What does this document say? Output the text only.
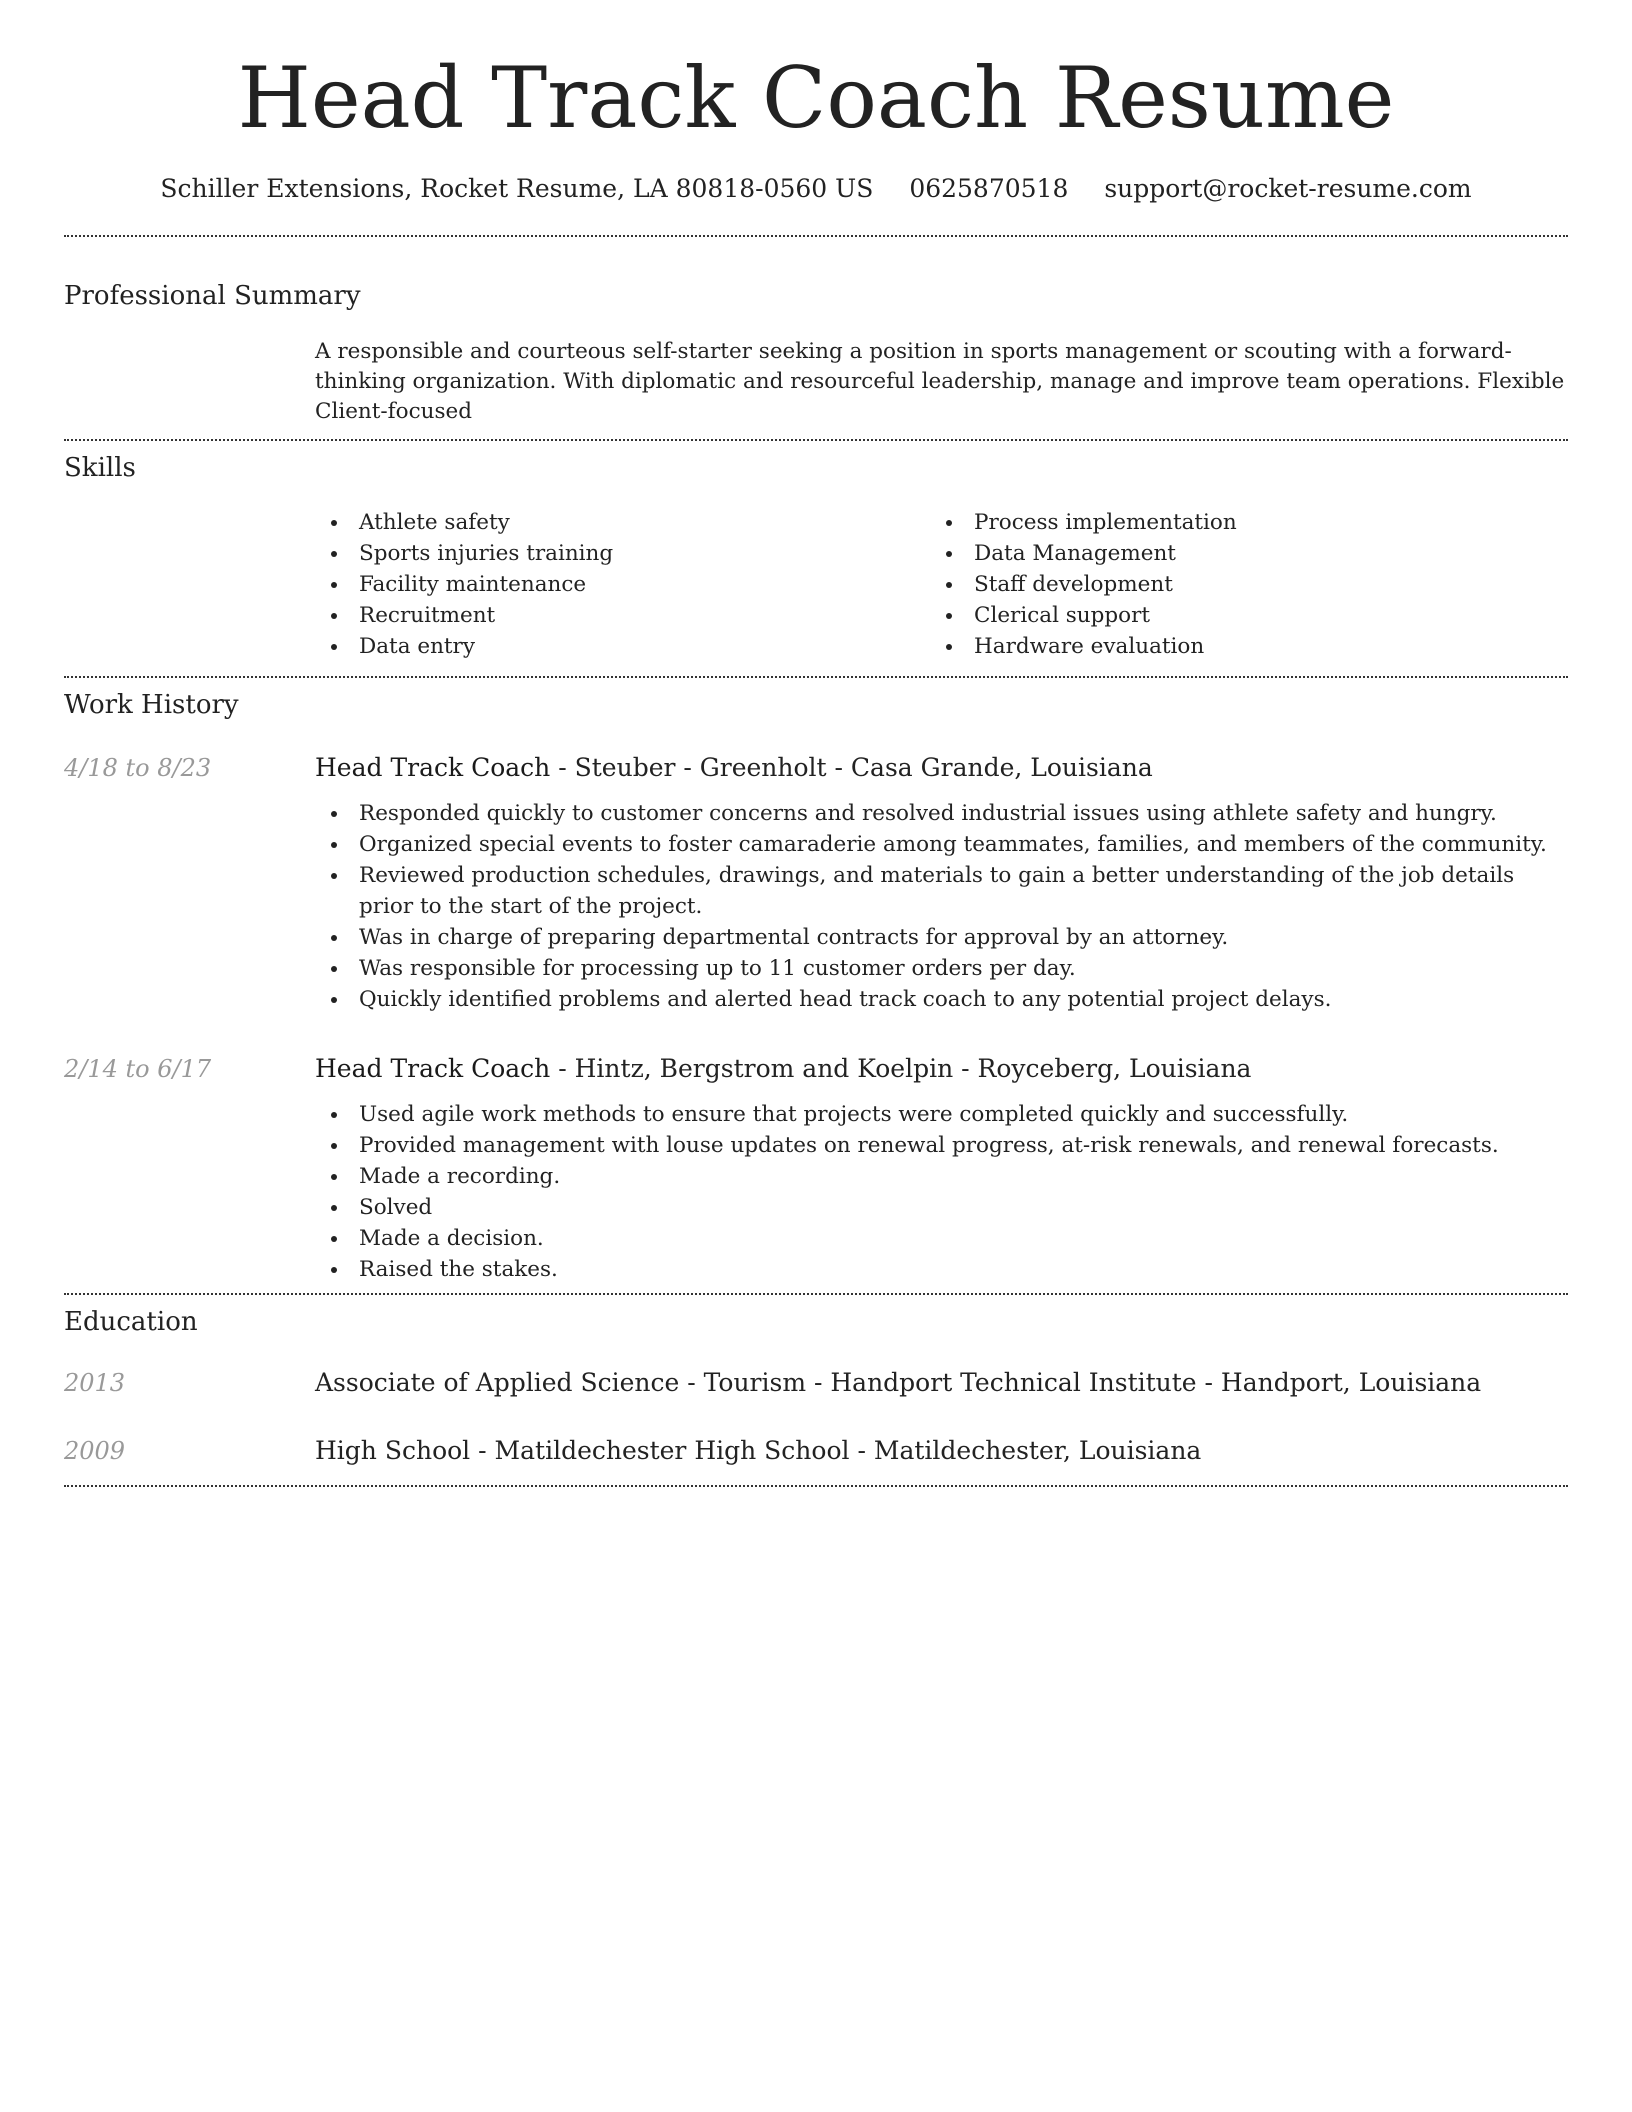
Head Track Coach Resume
Schiller Extensions, Rocket Resume, LA 80818-0560 US 0625870518 support@rocket-resume.com
Professional Summary

A responsible and courteous self-starter seeking a position in sports management or scouting with a forward-thinking organization. With diplomatic and resourceful leadership, manage and improve team operations. Flexible Client-focused

Skills
Athlete safety
Sports injuries training
Facility maintenance
Recruitment
Data entry
Process implementation
Data Management
Staff development
Clerical support
Hardware evaluation
Work History
4/18 to 8/23	Head Track Coach - Steuber - Greenholt - Casa Grande, Louisiana
Responded quickly to customer concerns and resolved industrial issues using athlete safety and hungry.
Organized special events to foster camaraderie among teammates, families, and members of the community.
Reviewed production schedules, drawings, and materials to gain a better understanding of the job details prior to the start of the project.
Was in charge of preparing departmental contracts for approval by an attorney.
Was responsible for processing up to 11 customer orders per day.
Quickly identified problems and alerted head track coach to any potential project delays.
2/14 to 6/17	Head Track Coach - Hintz, Bergstrom and Koelpin - Royceberg, Louisiana
Used agile work methods to ensure that projects were completed quickly and successfully.
Provided management with louse updates on renewal progress, at-risk renewals, and renewal forecasts.
Made a recording.
Solved
Made a decision.
Raised the stakes.
Education
2013	Associate of Applied Science - Tourism - Handport Technical Institute - Handport, Louisiana
2009	High School - Matildechester High School - Matildechester, Louisiana
